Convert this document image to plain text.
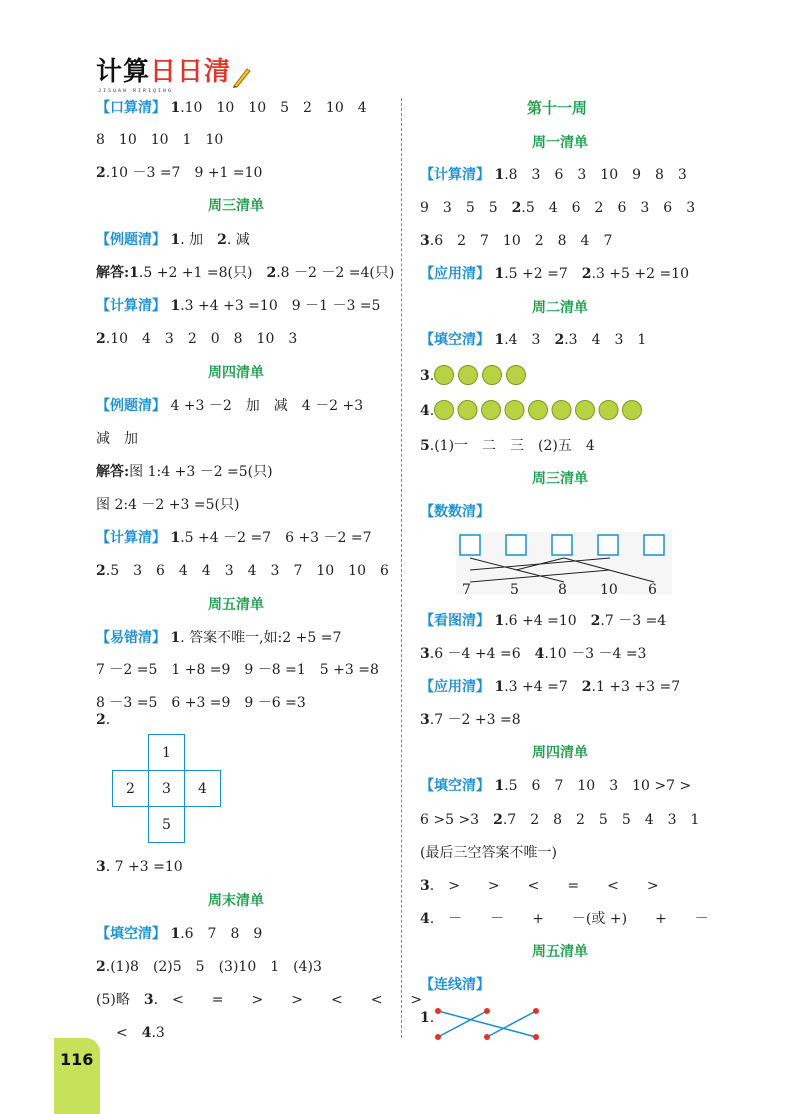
计算 日日清
JISUAN RIRIQING
【口算清】 1.10　10　10　5　2　10　4
8　10　10　1　10
2.10 －3 =7　9 +1 =10
周三清单
【例题清】 1. 加　2. 减
解答:1.5 +2 +1 =8(只)　2.8 －2 －2 =4(只)
【计算清】 1.3 +4 +3 =10　9 －1 －3 =5
2.10　4　3　2　0　8　10　3
周四清单
【例题清】 4 +3 －2　加　减　4 －2 +3
减　加
解答:图 1:4 +3 －2 =5(只)
图 2:4 －2 +3 =5(只)
【计算清】 1.5 +4 －2 =7　6 +3 －2 =7
2.5　3　6　4　4　3　4　3　7　10　10　6
周五清单
【易错清】 1. 答案不唯一,如:2 +5 =7
7 －2 =5　1 +8 =9　9 －8 =1　5 +3 =8
8 －3 =5　6 +3 =9　9 －6 =3
2.
	1	
2	3	4
	5	
3. 7 +3 =10
周末清单
【填空清】 1.6　7　8　9
2.(1)8　(2)5　5　(3)10　1　(4)3
(5)略　3.　<　　=　　>　　>　　<　　<　　>
<　4.3
116
第十一周
周一清单
【计算清】 1.8　3　6　3　10　9　8　3
9　3　5　5　2.5　4　6　2　6　3　6　3
3.6　2　7　10　2　8　4　7
【应用清】 1.5 +2 =7　2.3 +5 +2 =10
周二清单
【填空清】 1.4　3　2.3　4　3　1
3.
4.
5.(1)一　二　三　(2)五　4
周三清单
【数数清】
7	5	8 10 6
【看图清】 1.6 +4 =10　2.7 －3 =4
3.6 －4 +4 =6　4.10 －3 －4 =3
【应用清】 1.3 +4 =7　2.1 +3 +3 =7
3.7 －2 +3 =8
周四清单
【填空清】 1.5　6　7　10　3　10 >7 >
6 >5 >3　2.7　2　8　2　5　5　4　3　1
(最后三空答案不唯一)
3.　>　　>　　<　　=　　<　　>
4.　－　　－　　+　　－(或 +)　　+　　－
周五清单
【连线清】
1.
